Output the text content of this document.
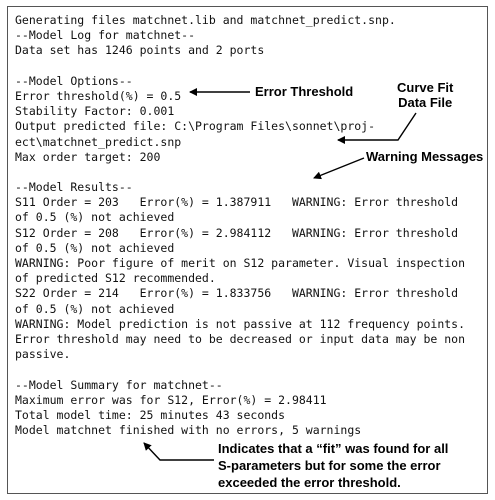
Generating files matchnet.lib and matchnet_predict.snp.
--Model Log for matchnet--
Data set has 1246 points and 2 ports
--Model Options--
Error threshold(%) = 0.5
Stability Factor: 0.001
Output predicted file: C:\Program Files\sonnet\proj-
ect\matchnet_predict.snp
Max order target: 200
--Model Results--
S11 Order = 203   Error(%) = 1.387911   WARNING: Error threshold
of 0.5 (%) not achieved
S12 Order = 208   Error(%) = 2.984112   WARNING: Error threshold
of 0.5 (%) not achieved
WARNING: Poor figure of merit on S12 parameter. Visual inspection
of predicted S12 recommended.
S22 Order = 214   Error(%) = 1.833756   WARNING: Error threshold
of 0.5 (%) not achieved
WARNING: Model prediction is not passive at 112 frequency points.
Error threshold may need to be decreased or input data may be non
passive.
--Model Summary for matchnet--
Maximum error was for S12, Error(%) = 2.98411
Total model time: 25 minutes 43 seconds
Model matchnet finished with no errors, 5 warnings
Error Threshold	Curve Fit
Data File
Warning Messages
Indicates that a “fit” was found for all
S-parameters but for some the error
exceeded the error threshold.
